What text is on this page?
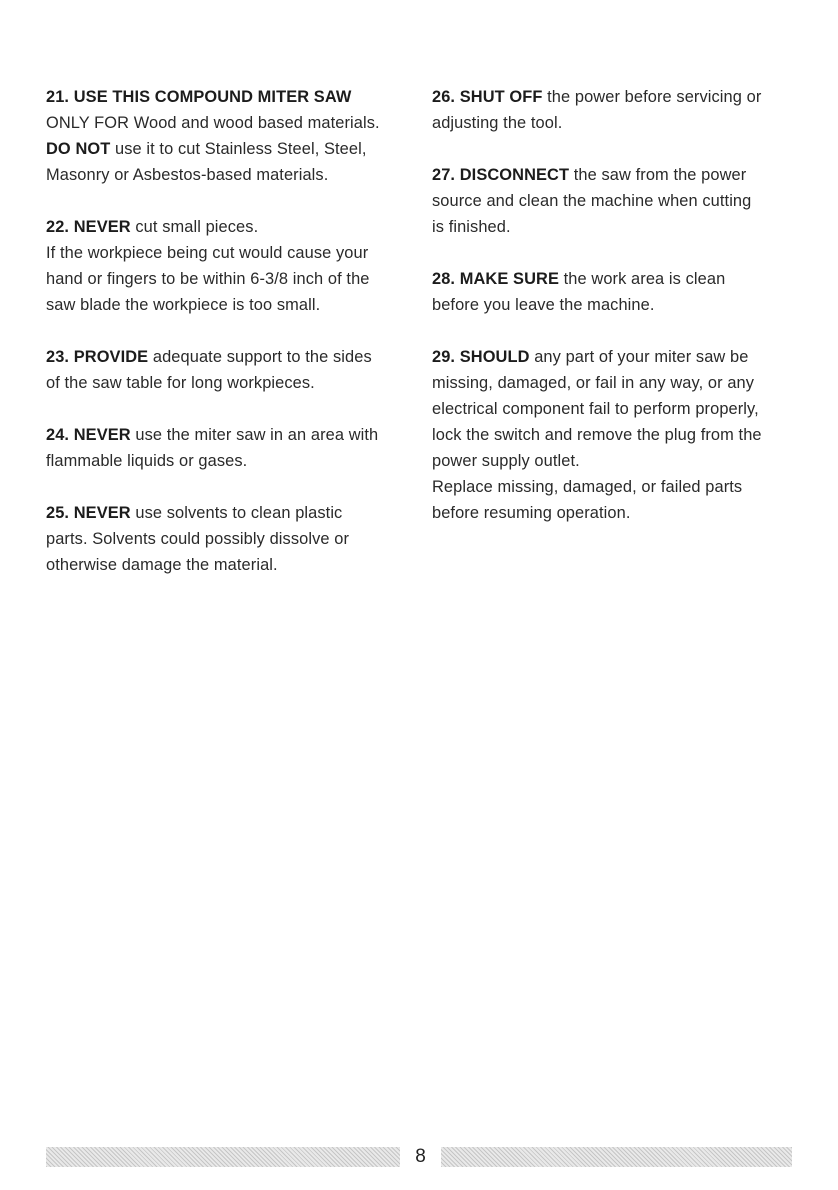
21. USE THIS COMPOUND MITER SAW
ONLY FOR Wood and wood based materials.
DO NOT use it to cut Stainless Steel, Steel,
Masonry or Asbestos-based materials.
22. NEVER cut small pieces.
If the workpiece being cut would cause your
hand or fingers to be within 6-3/8 inch of the
saw blade the workpiece is too small.
23. PROVIDE adequate support to the sides
of the saw table for long workpieces.
24. NEVER use the miter saw in an area with
flammable liquids or gases.
25. NEVER use solvents to clean plastic
parts. Solvents could possibly dissolve or
otherwise damage the material.
26. SHUT OFF the power before servicing or
adjusting the tool.
27. DISCONNECT the saw from the power
source and clean the machine when cutting
is finished.
28. MAKE SURE the work area is clean
before you leave the machine.
29. SHOULD any part of your miter saw be
missing, damaged, or fail in any way, or any
electrical component fail to perform properly,
lock the switch and remove the plug from the
power supply outlet.
Replace missing, damaged, or failed parts
before resuming operation.
8
